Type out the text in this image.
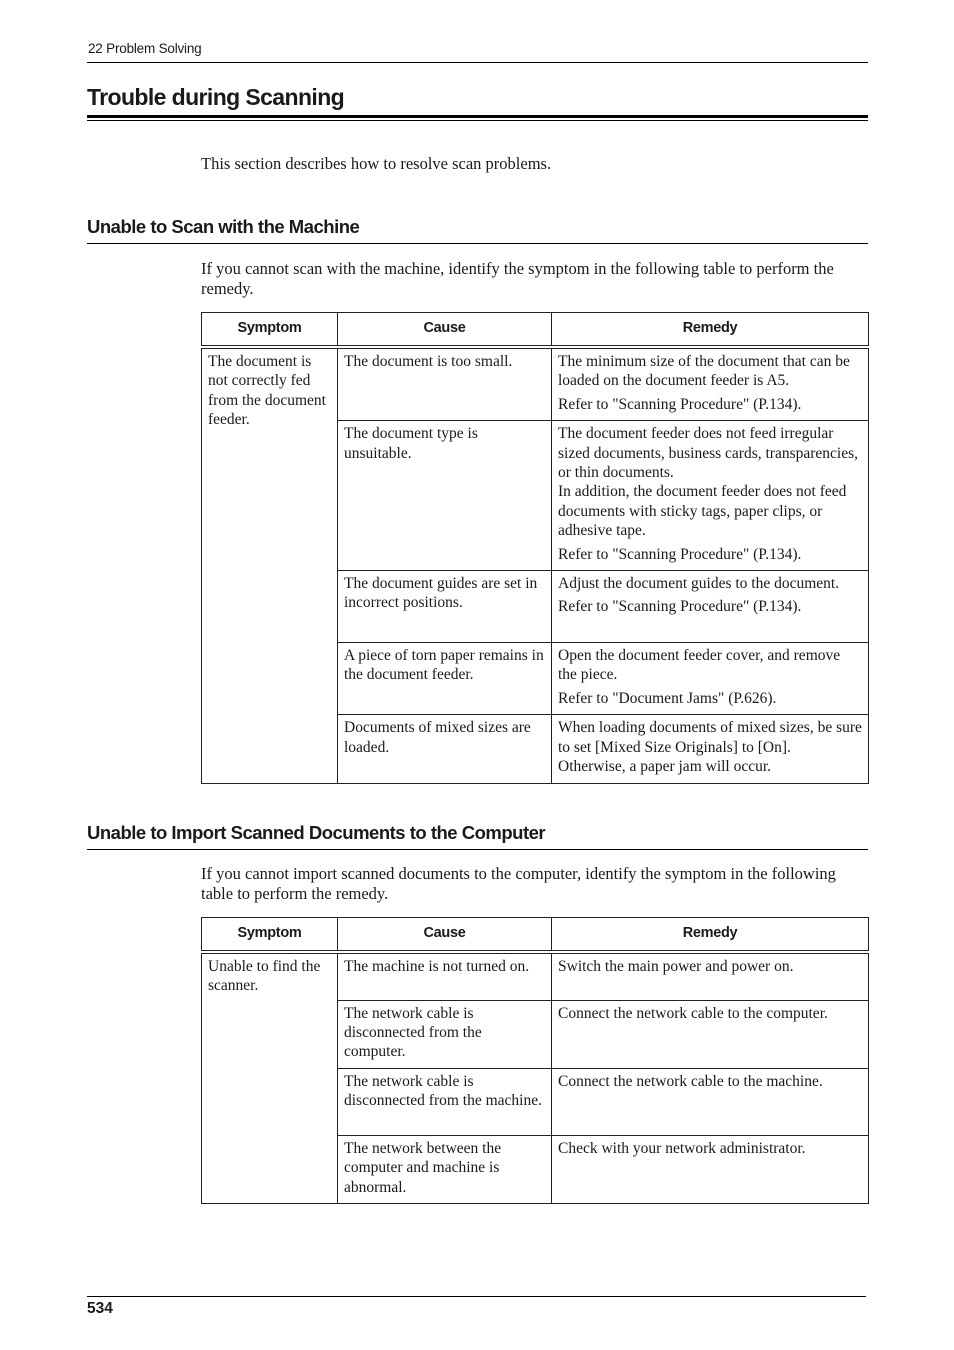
22 Problem Solving
Trouble during Scanning
This section describes how to resolve scan problems.
Unable to Scan with the Machine
If you cannot scan with the machine, identify the symptom in the following table to perform the remedy.
Symptom	Cause	Remedy
The document is not correctly fed from the document feeder.	The document is too small.	The minimum size of the document that can be loaded on the document feeder is A5.
Refer to "Scanning Procedure" (P.134).

	The document type is unsuitable.	The document feeder does not feed irregular sized documents, business cards, transparencies, or thin documents.
In addition, the document feeder does not feed documents with sticky tags, paper clips, or adhesive tape.
Refer to "Scanning Procedure" (P.134).

	The document guides are set in incorrect positions.	Adjust the document guides to the document.
Refer to "Scanning Procedure" (P.134).

	A piece of torn paper remains in the document feeder.	Open the document feeder cover, and remove the piece.
Refer to "Document Jams" (P.626).

	Documents of mixed sizes are loaded.	When loading documents of mixed sizes, be sure to set [Mixed Size Originals] to [On]. Otherwise, a paper jam will occur.
Unable to Import Scanned Documents to the Computer
If you cannot import scanned documents to the computer, identify the symptom in the following table to perform the remedy.
Symptom	Cause	Remedy
Unable to find the scanner.	The machine is not turned on.	Switch the main power and power on.
	The network cable is disconnected from the computer.	Connect the network cable to the computer.
	The network cable is disconnected from the machine.	Connect the network cable to the machine.
	The network between the computer and machine is abnormal.	Check with your network administrator.
534
